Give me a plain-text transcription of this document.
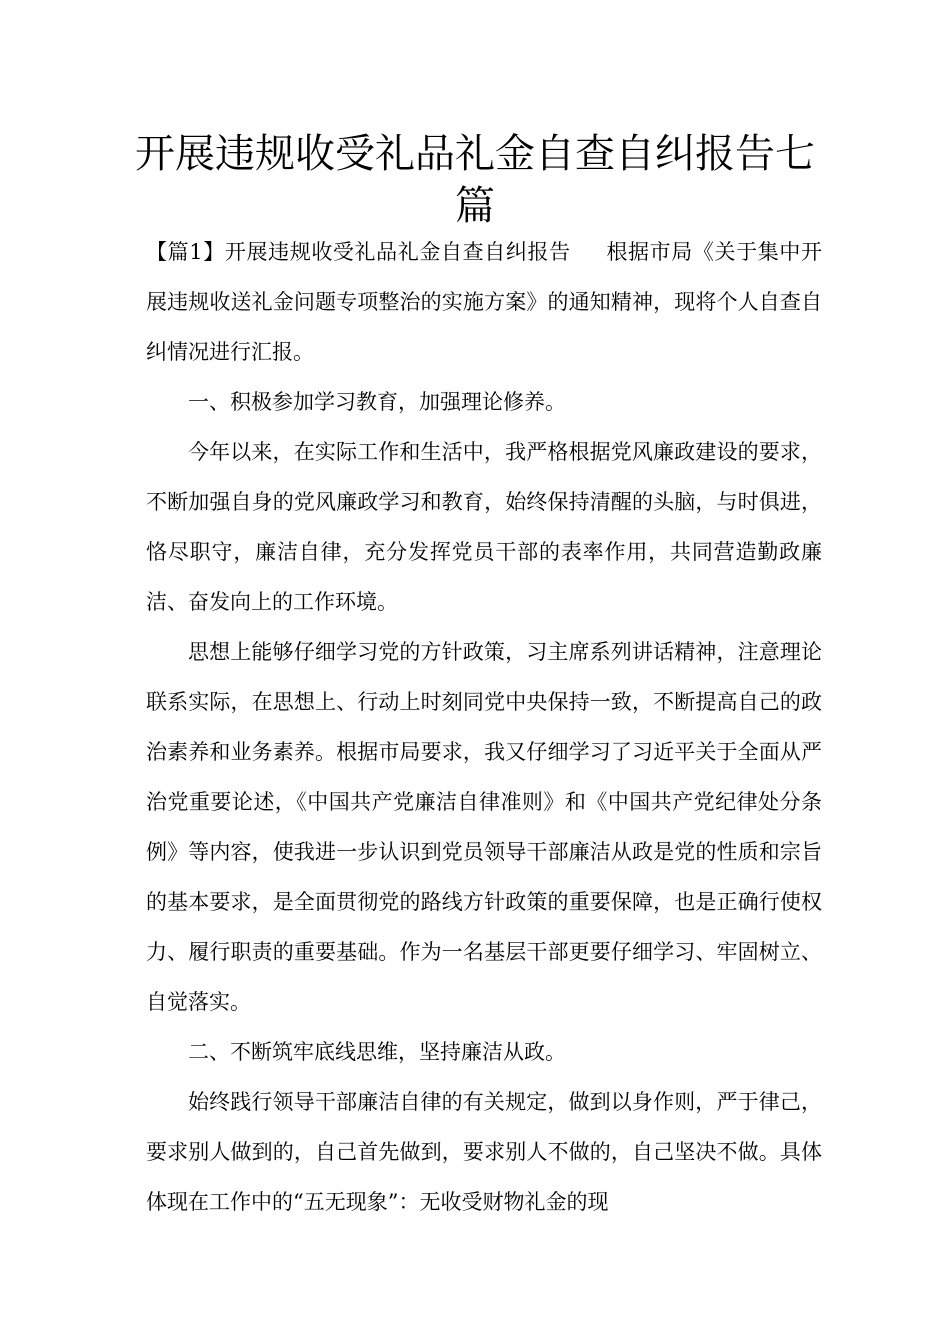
开展违规收受礼品礼金自查自纠报告七篇

【篇1】开展违规收受礼品礼金自查自纠报告 根据市局《关于集中开展违规收送礼金问题专项整治的实施方案》的通知精神，现将个人自查自纠情况进行汇报。

一、积极参加学习教育，加强理论修养。

今年以来，在实际工作和生活中，我严格根据党风廉政建设的要求，不断加强自身的党风廉政学习和教育，始终保持清醒的头脑，与时俱进，恪尽职守，廉洁自律，充分发挥党员干部的表率作用，共同营造勤政廉洁、奋发向上的工作环境。

思想上能够仔细学习党的方针政策，习主席系列讲话精神，注意理论联系实际，在思想上、行动上时刻同党中央保持一致，不断提高自己的政治素养和业务素养。根据市局要求，我又仔细学习了习近平关于全面从严治党重要论述，《中国共产党廉洁自律准则》和《中国共产党纪律处分条例》等内容，使我进一步认识到党员领导干部廉洁从政是党的性质和宗旨的基本要求，是全面贯彻党的路线方针政策的重要保障，也是正确行使权力、履行职责的重要基础。作为一名基层干部更要仔细学习、牢固树立、自觉落实。

二、不断筑牢底线思维，坚持廉洁从政。

始终践行领导干部廉洁自律的有关规定，做到以身作则，严于律己，要求别人做到的，自己首先做到，要求别人不做的，自己坚决不做。具体体现在工作中的“五无现象”：无收受财物礼金的现
